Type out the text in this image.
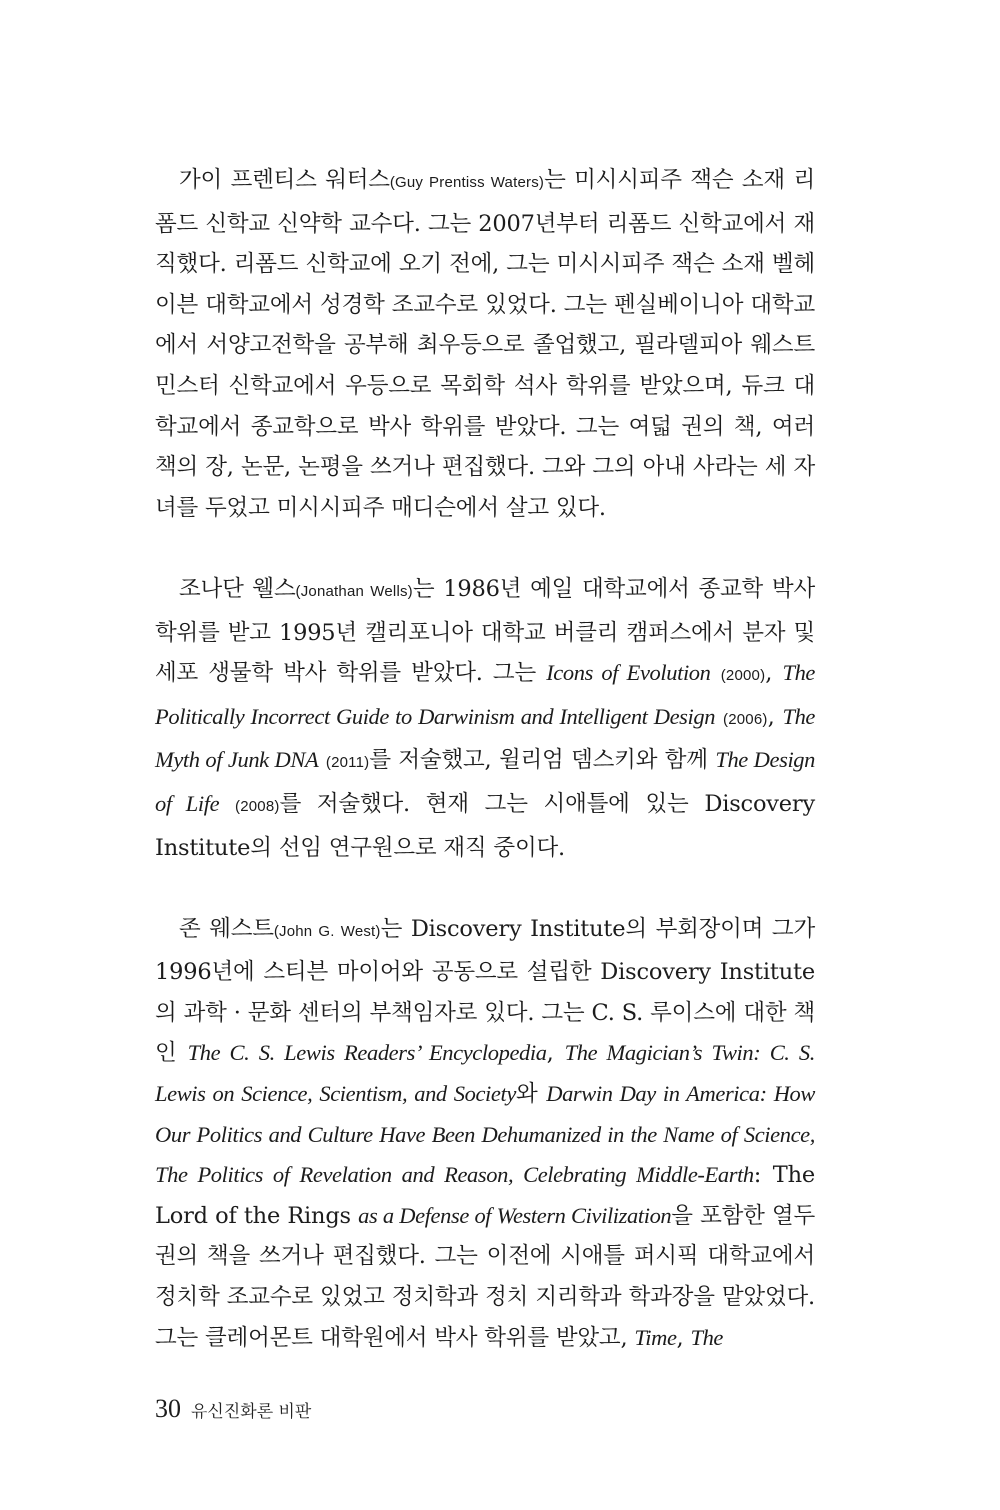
가이 프렌티스 워터스(Guy Prentiss Waters)는 미시시피주 잭슨 소재 리폼드 신학교 신약학 교수다. 그는 2007년부터 리폼드 신학교에서 재직했다. 리폼드 신학교에 오기 전에, 그는 미시시피주 잭슨 소재 벨헤이븐 대학교에서 성경학 조교수로 있었다. 그는 펜실베이니아 대학교에서 서양고전학을 공부해 최우등으로 졸업했고, 필라델피아 웨스트민스터 신학교에서 우등으로 목회학 석사 학위를 받았으며, 듀크 대학교에서 종교학으로 박사 학위를 받았다. 그는 여덟 권의 책, 여러 책의 장, 논문, 논평을 쓰거나 편집했다. 그와 그의 아내 사라는 세 자녀를 두었고 미시시피주 매디슨에서 살고 있다.

조나단 웰스(Jonathan Wells)는 1986년 예일 대학교에서 종교학 박사 학위를 받고 1995년 캘리포니아 대학교 버클리 캠퍼스에서 분자 및 세포 생물학 박사 학위를 받았다. 그는 Icons of Evolution (2000), The Politically Incorrect Guide to Darwinism and Intelligent Design (2006), The Myth of Junk DNA (2011)를 저술했고, 윌리엄 뎀스키와 함께 The Design of Life (2008)를 저술했다. 현재 그는 시애틀에 있는 Discovery Institute의 선임 연구원으로 재직 중이다.

존 웨스트(John G. West)는 Discovery Institute의 부회장이며 그가 1996년에 스티븐 마이어와 공동으로 설립한 Discovery Institute의 과학 · 문화 센터의 부책임자로 있다. 그는 C. S. 루이스에 대한 책인 The C. S. Lewis Readers’ Encyclopedia, The Magician’s Twin: C. S. Lewis on Science, Scientism, and Society와 Darwin Day in America: How Our Politics and Culture Have Been Dehumanized in the Name of Science, The Politics of Revelation and Reason, Celebrating Middle-Earth: The Lord of the Rings as a Defense of Western Civilization을 포함한 열두 권의 책을 쓰거나 편집했다. 그는 이전에 시애틀 퍼시픽 대학교에서 정치학 조교수로 있었고 정치학과 정치 지리학과 학과장을 맡았었다. 그는 클레어몬트 대학원에서 박사 학위를 받았고, Time, The

30 유신진화론 비판
